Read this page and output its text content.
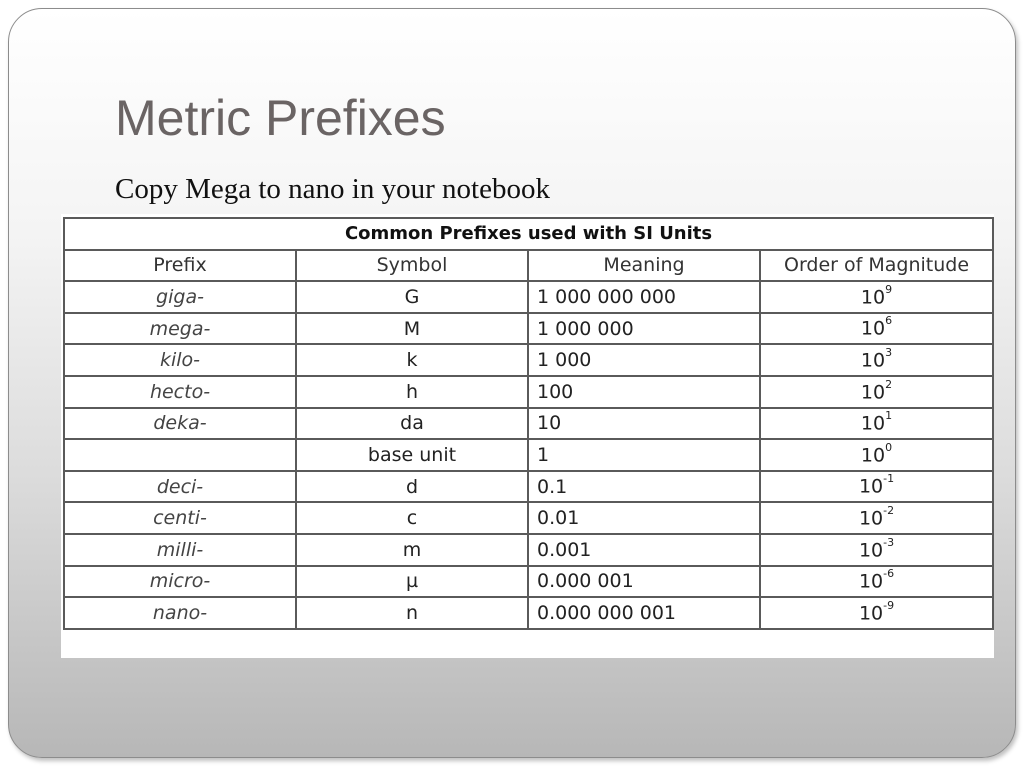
Metric Prefixes

Copy Mega to nano in your notebook

Common Prefixes used with SI Units			
Prefix	Symbol	Meaning	Order of Magnitude
giga-	G	1 000 000 000	$10^9$
mega-	M	1 000 000	$10^6$
kilo-	k	1 000	$10^3$
hecto-	h	100	$10^2$
deka-	da	10	$10^1$
	base unit	1	$10^0$
deci-	d	0.1	$10^{-1}$
centi-	c	0.01	$10^{-2}$
milli-	m	0.001	$10^{-3}$
micro-	µ	0.000 001	$10^{-6}$
nano-	n	0.000 000 001	$10^{-9}$
